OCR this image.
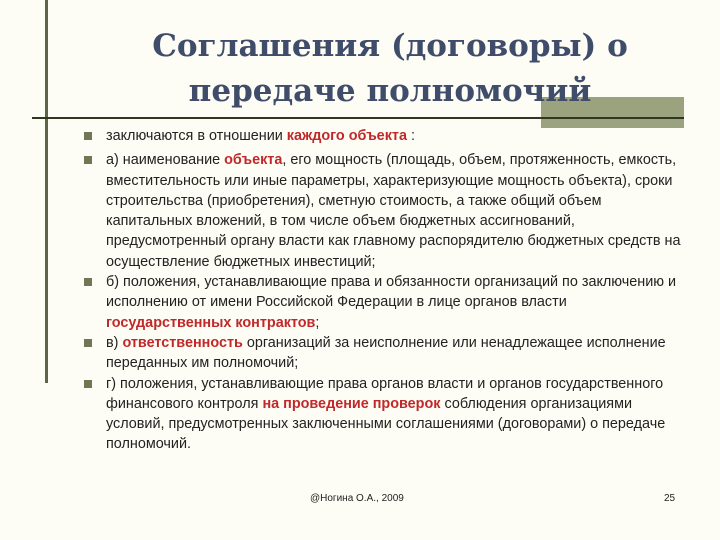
Соглашения (договоры) о
передаче полномочий
заключаются в отношении каждого объекта :
а) наименование объекта, его мощность (площадь, объем, протяженность, емкость, вместительность или иные параметры, характеризующие мощность объекта), сроки строительства (приобретения), сметную стоимость, а также общий объем капитальных вложений, в том числе объем бюджетных ассигнований, предусмотренный органу власти как главному распорядителю бюджетных средств на осуществление бюджетных инвестиций;
б) положения, устанавливающие права и обязанности организаций по заключению и исполнению от имени Российской Федерации в лице органов власти государственных контрактов;
в) ответственность организаций за неисполнение или ненадлежащее исполнение переданных им полномочий;
г) положения, устанавливающие права органов власти и органов государственного финансового контроля на проведение проверок соблюдения организациями условий, предусмотренных заключенными соглашениями (договорами) о передаче полномочий.
@Ногина О.А., 2009	25
